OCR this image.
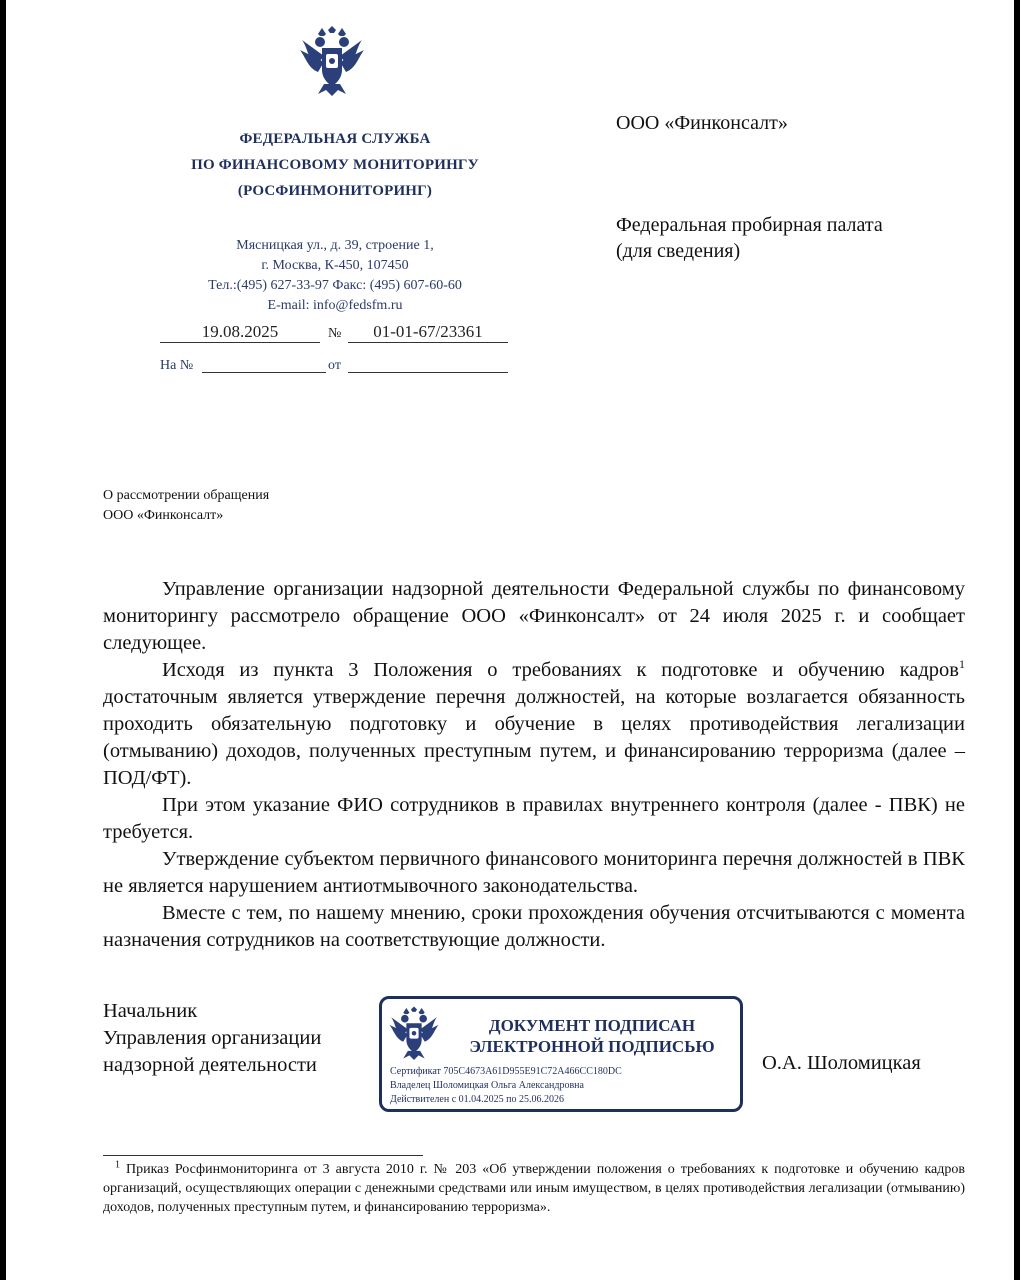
ФЕДЕРАЛЬНАЯ СЛУЖБА
ПО ФИНАНСОВОМУ МОНИТОРИНГУ
(РОСФИНМОНИТОРИНГ)
Мясницкая ул., д. 39, строение 1,
г. Москва, К-450, 107450
Тел.:(495) 627-33-97 Факс: (495) 607-60-60
E-mail: info@fedsfm.ru
19.08.2025	№	01-01-67/23361
На №	от
ООО «Финконсалт»
Федеральная пробирная палата
(для сведения)
О рассмотрении обращения
ООО «Финконсалт»

Управление организации надзорной деятельности Федеральной службы по финансовому мониторингу рассмотрело обращение ООО «Финконсалт» от 24 июля 2025 г. и сообщает следующее.

Исходя из пункта 3 Положения о требованиях к подготовке и обучению кадров$^1$ достаточным является утверждение перечня должностей, на которые возлагается обязанность проходить обязательную подготовку и обучение в целях противодействия легализации (отмыванию) доходов, полученных преступным путем, и финансированию терроризма (далее – ПОД/ФТ).

При этом указание ФИО сотрудников в правилах внутреннего контроля (далее - ПВК) не требуется.

Утверждение субъектом первичного финансового мониторинга перечня должностей в ПВК не является нарушением антиотмывочного законодательства.

Вместе с тем, по нашему мнению, сроки прохождения обучения отсчитываются с момента назначения сотрудников на соответствующие должности.

Начальник
Управления организации
надзорной деятельности
ДОКУМЕНТ ПОДПИСАН
ЭЛЕКТРОННОЙ ПОДПИСЬЮ
Сертификат 705C4673A61D955E91C72A466CC180DC
Владелец Шоломицкая Ольга Александровна
Действителен с 01.04.2025 по 25.06.2026
О.А. Шоломицкая
$^1$ Приказ Росфинмониторинга от 3 августа 2010 г. № 203 «Об утверждении положения о требованиях к подготовке и обучению кадров организаций, осуществляющих операции с денежными средствами или иным имуществом, в целях противодействия легализации (отмыванию) доходов, полученных преступным путем, и финансированию терроризма».
